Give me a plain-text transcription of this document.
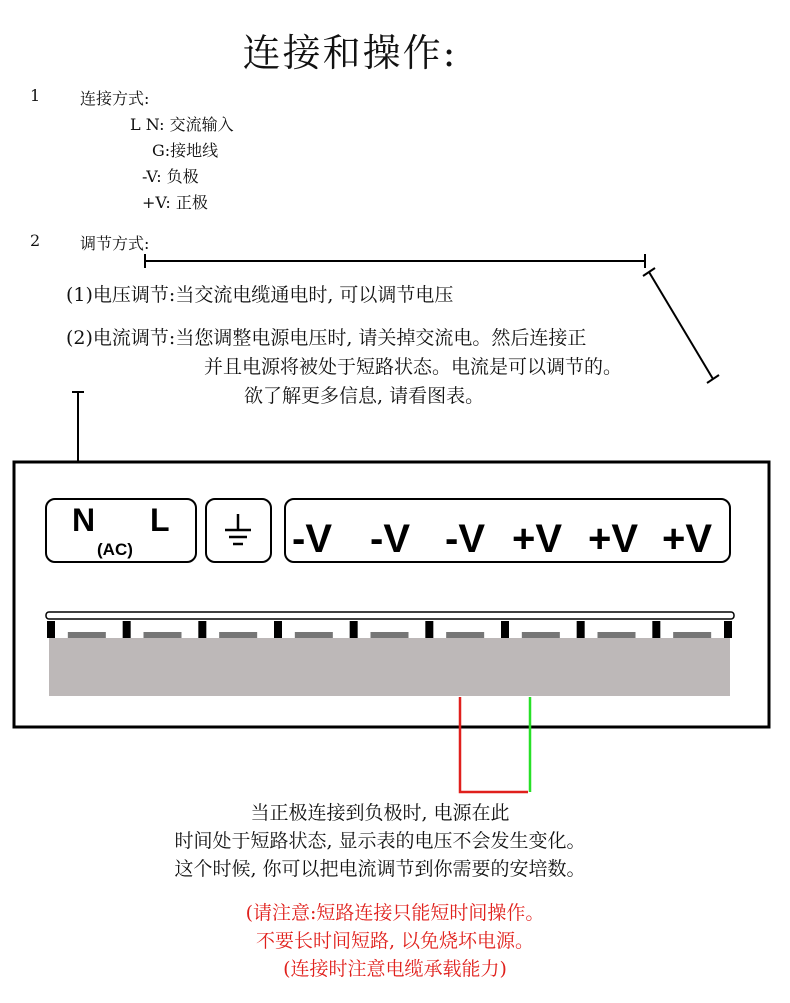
连接和操作:
1 连接方式:
L N: 交流输入
G:接地线
-V: 负极
+V: 正极
2 调节方式:
(1)电压调节:当交流电缆通电时, 可以调节电压
(2)电流调节:当您调整电源电压时, 请关掉交流电。然后连接正
并且电源将被处于短路状态。电流是可以调节的。
欲了解更多信息, 请看图表。
N
(AC)
L	-V -V -V +V +V +V
当正极连接到负极时, 电源在此
时间处于短路状态, 显示表的电压不会发生变化。
这个时候, 你可以把电流调节到你需要的安培数。
(请注意:短路连接只能短时间操作。
不要长时间短路, 以免烧坏电源。
(连接时注意电缆承载能力)
